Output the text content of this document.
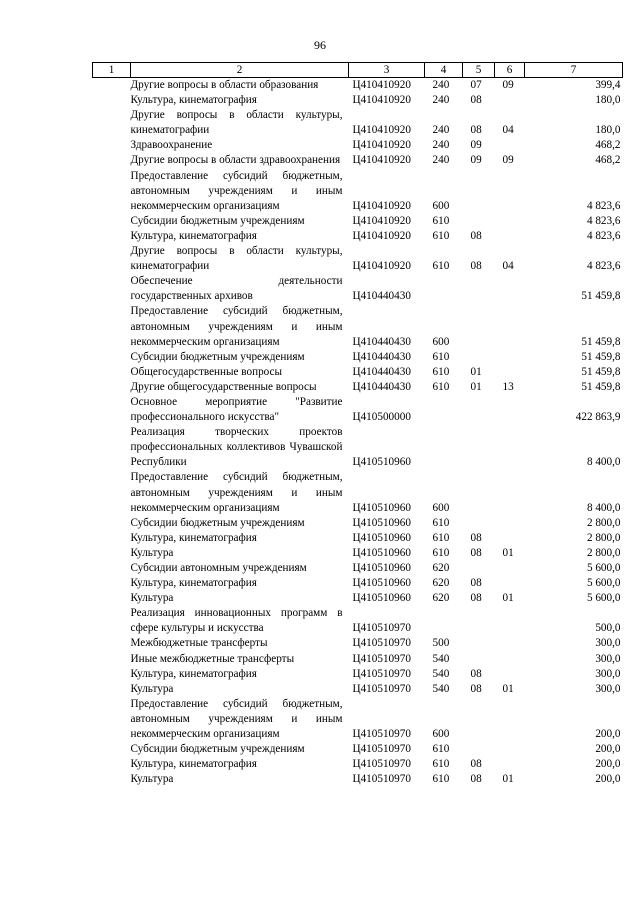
96
1	2	3	4	5	6	7
	Другие вопросы в области образования	Ц410410920	240	07	09	399,4
	Культура, кинематография	Ц410410920	240	08		180,0
	Другие вопросы в области культуры, кинематографии	Ц410410920	240	08	04	180,0
	Здравоохранение	Ц410410920	240	09		468,2
	Другие вопросы в области здравоохранения	Ц410410920	240	09	09	468,2
	Предоставление субсидий бюджетным, автономным учреждениям и иным некоммерческим организациям	Ц410410920	600			4 823,6
	Субсидии бюджетным учреждениям	Ц410410920	610			4 823,6
	Культура, кинематография	Ц410410920	610	08		4 823,6
	Другие вопросы в области культуры, кинематографии	Ц410410920	610	08	04	4 823,6
	Обеспечение деятельности государственных архивов	Ц410440430				51 459,8
	Предоставление субсидий бюджетным, автономным учреждениям и иным некоммерческим организациям	Ц410440430	600			51 459,8
	Субсидии бюджетным учреждениям	Ц410440430	610			51 459,8
	Общегосударственные вопросы	Ц410440430	610	01		51 459,8
	Другие общегосударственные вопросы	Ц410440430	610	01	13	51 459,8
	Основное мероприятие "Развитие профессионального искусства"	Ц410500000				422 863,9
	Реализация творческих проектов профессиональных коллективов Чувашской Республики	Ц410510960				8 400,0
	Предоставление субсидий бюджетным, автономным учреждениям и иным некоммерческим организациям	Ц410510960	600			8 400,0
	Субсидии бюджетным учреждениям	Ц410510960	610			2 800,0
	Культура, кинематография	Ц410510960	610	08		2 800,0
	Культура	Ц410510960	610	08	01	2 800,0
	Субсидии автономным учреждениям	Ц410510960	620			5 600,0
	Культура, кинематография	Ц410510960	620	08		5 600,0
	Культура	Ц410510960	620	08	01	5 600,0
	Реализация инновационных программ в сфере культуры и искусства	Ц410510970				500,0
	Межбюджетные трансферты	Ц410510970	500			300,0
	Иные межбюджетные трансферты	Ц410510970	540			300,0
	Культура, кинематография	Ц410510970	540	08		300,0
	Культура	Ц410510970	540	08	01	300,0
	Предоставление субсидий бюджетным, автономным учреждениям и иным некоммерческим организациям	Ц410510970	600			200,0
	Субсидии бюджетным учреждениям	Ц410510970	610			200,0
	Культура, кинематография	Ц410510970	610	08		200,0
	Культура	Ц410510970	610	08	01	200,0
